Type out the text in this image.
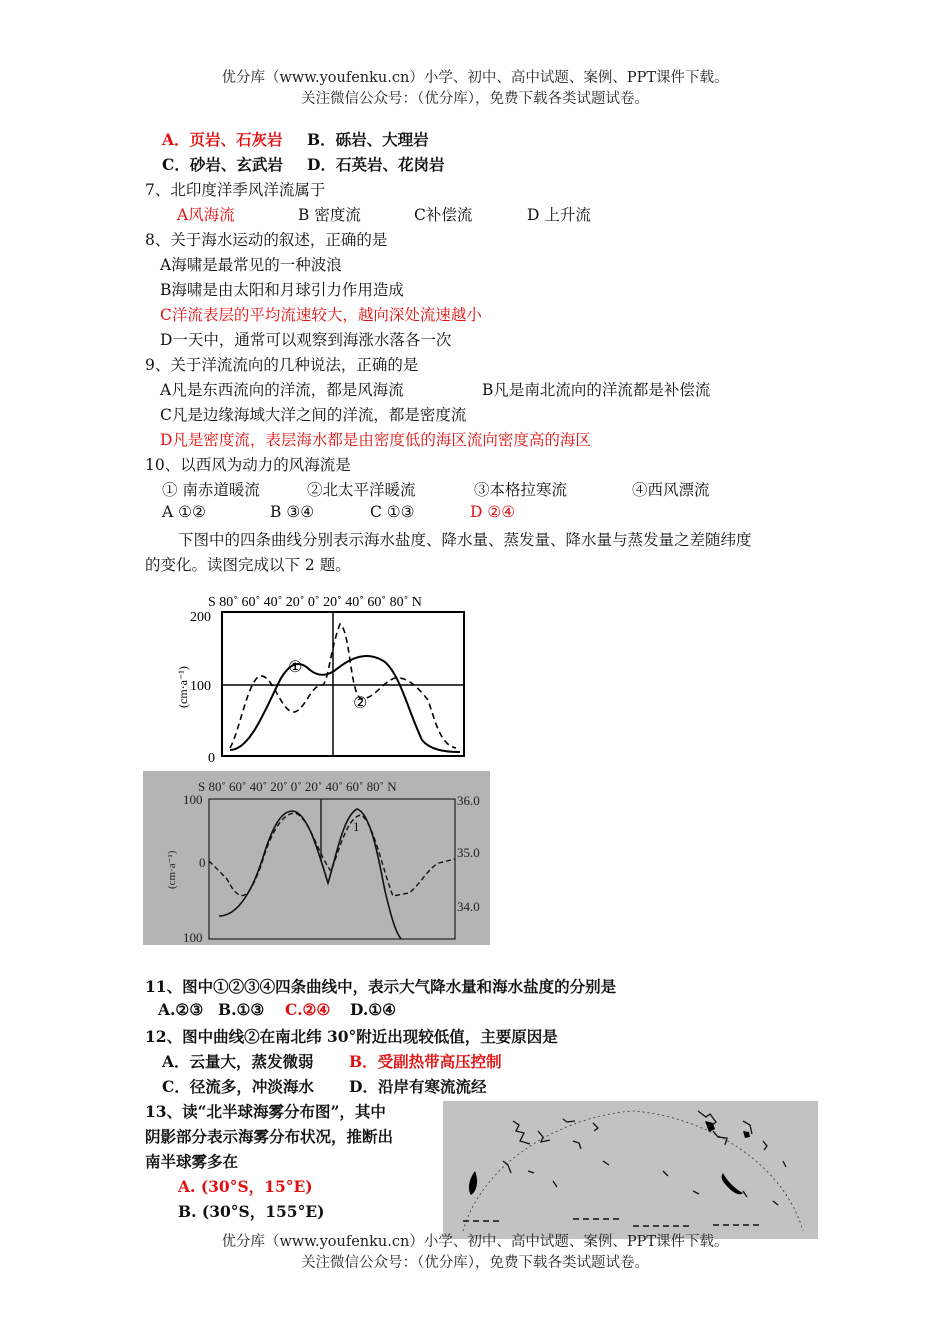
优分库（www.youfenku.cn）小学、初中、高中试题、案例、PPT课件下载。
关注微信公众号：（优分库），免费下载各类试题试卷。
A．页岩、石灰岩 B．砾岩、大理岩
C．砂岩、玄武岩 D．石英岩、花岗岩
7、北印度洋季风洋流属于
A风海流	B 密度流	C补偿流	D 上升流
8、关于海水运动的叙述，正确的是
A海啸是最常见的一种波浪
B海啸是由太阳和月球引力作用造成
C洋流表层的平均流速较大，越向深处流速越小
D一天中，通常可以观察到海涨水落各一次
9、关于洋流流向的几种说法，正确的是
A凡是东西流向的洋流，都是风海流	B凡是南北流向的洋流都是补偿流
C凡是边缘海域大洋之间的洋流，都是密度流
D凡是密度流，表层海水都是由密度低的海区流向密度高的海区
10、以西风为动力的风海流是
① 南赤道暖流	②北太平洋暖流	③本格拉寒流	④西风漂流
A ①②	B ③④	C ①③	D ②④
下图中的四条曲线分别表示海水盐度、降水量、蒸发量、降水量与蒸发量之差随纬度
的变化。读图完成以下 2 题。
S 80˚ 60˚ 40˚ 20˚ 0˚ 20˚ 40˚ 60˚ 80˚ N
200
100
0
(cm·a⁻¹)	①
②
S 80˚ 60˚ 40˚ 20˚ 0˚ 20˚ 40˚ 60˚ 80˚ N
100
0
100
36.0
35.0
34.0
(cm·a⁻¹)
1
11、图中①②③④四条曲线中，表示大气降水量和海水盐度的分别是
A.②③ B.①③ C.②④ D.①④
12、图中曲线②在南北纬 30°附近出现较低值，主要原因是
A．云量大，蒸发微弱 B．受副热带高压控制
C．径流多，冲淡海水 D．沿岸有寒流流经
13、读“北半球海雾分布图”，其中
阴影部分表示海雾分布状况，推断出
南半球雾多在
A. (30°S，15°E)
B. (30°S，155°E)
优分库（www.youfenku.cn）小学、初中、高中试题、案例、PPT课件下载。
关注微信公众号：（优分库），免费下载各类试题试卷。
